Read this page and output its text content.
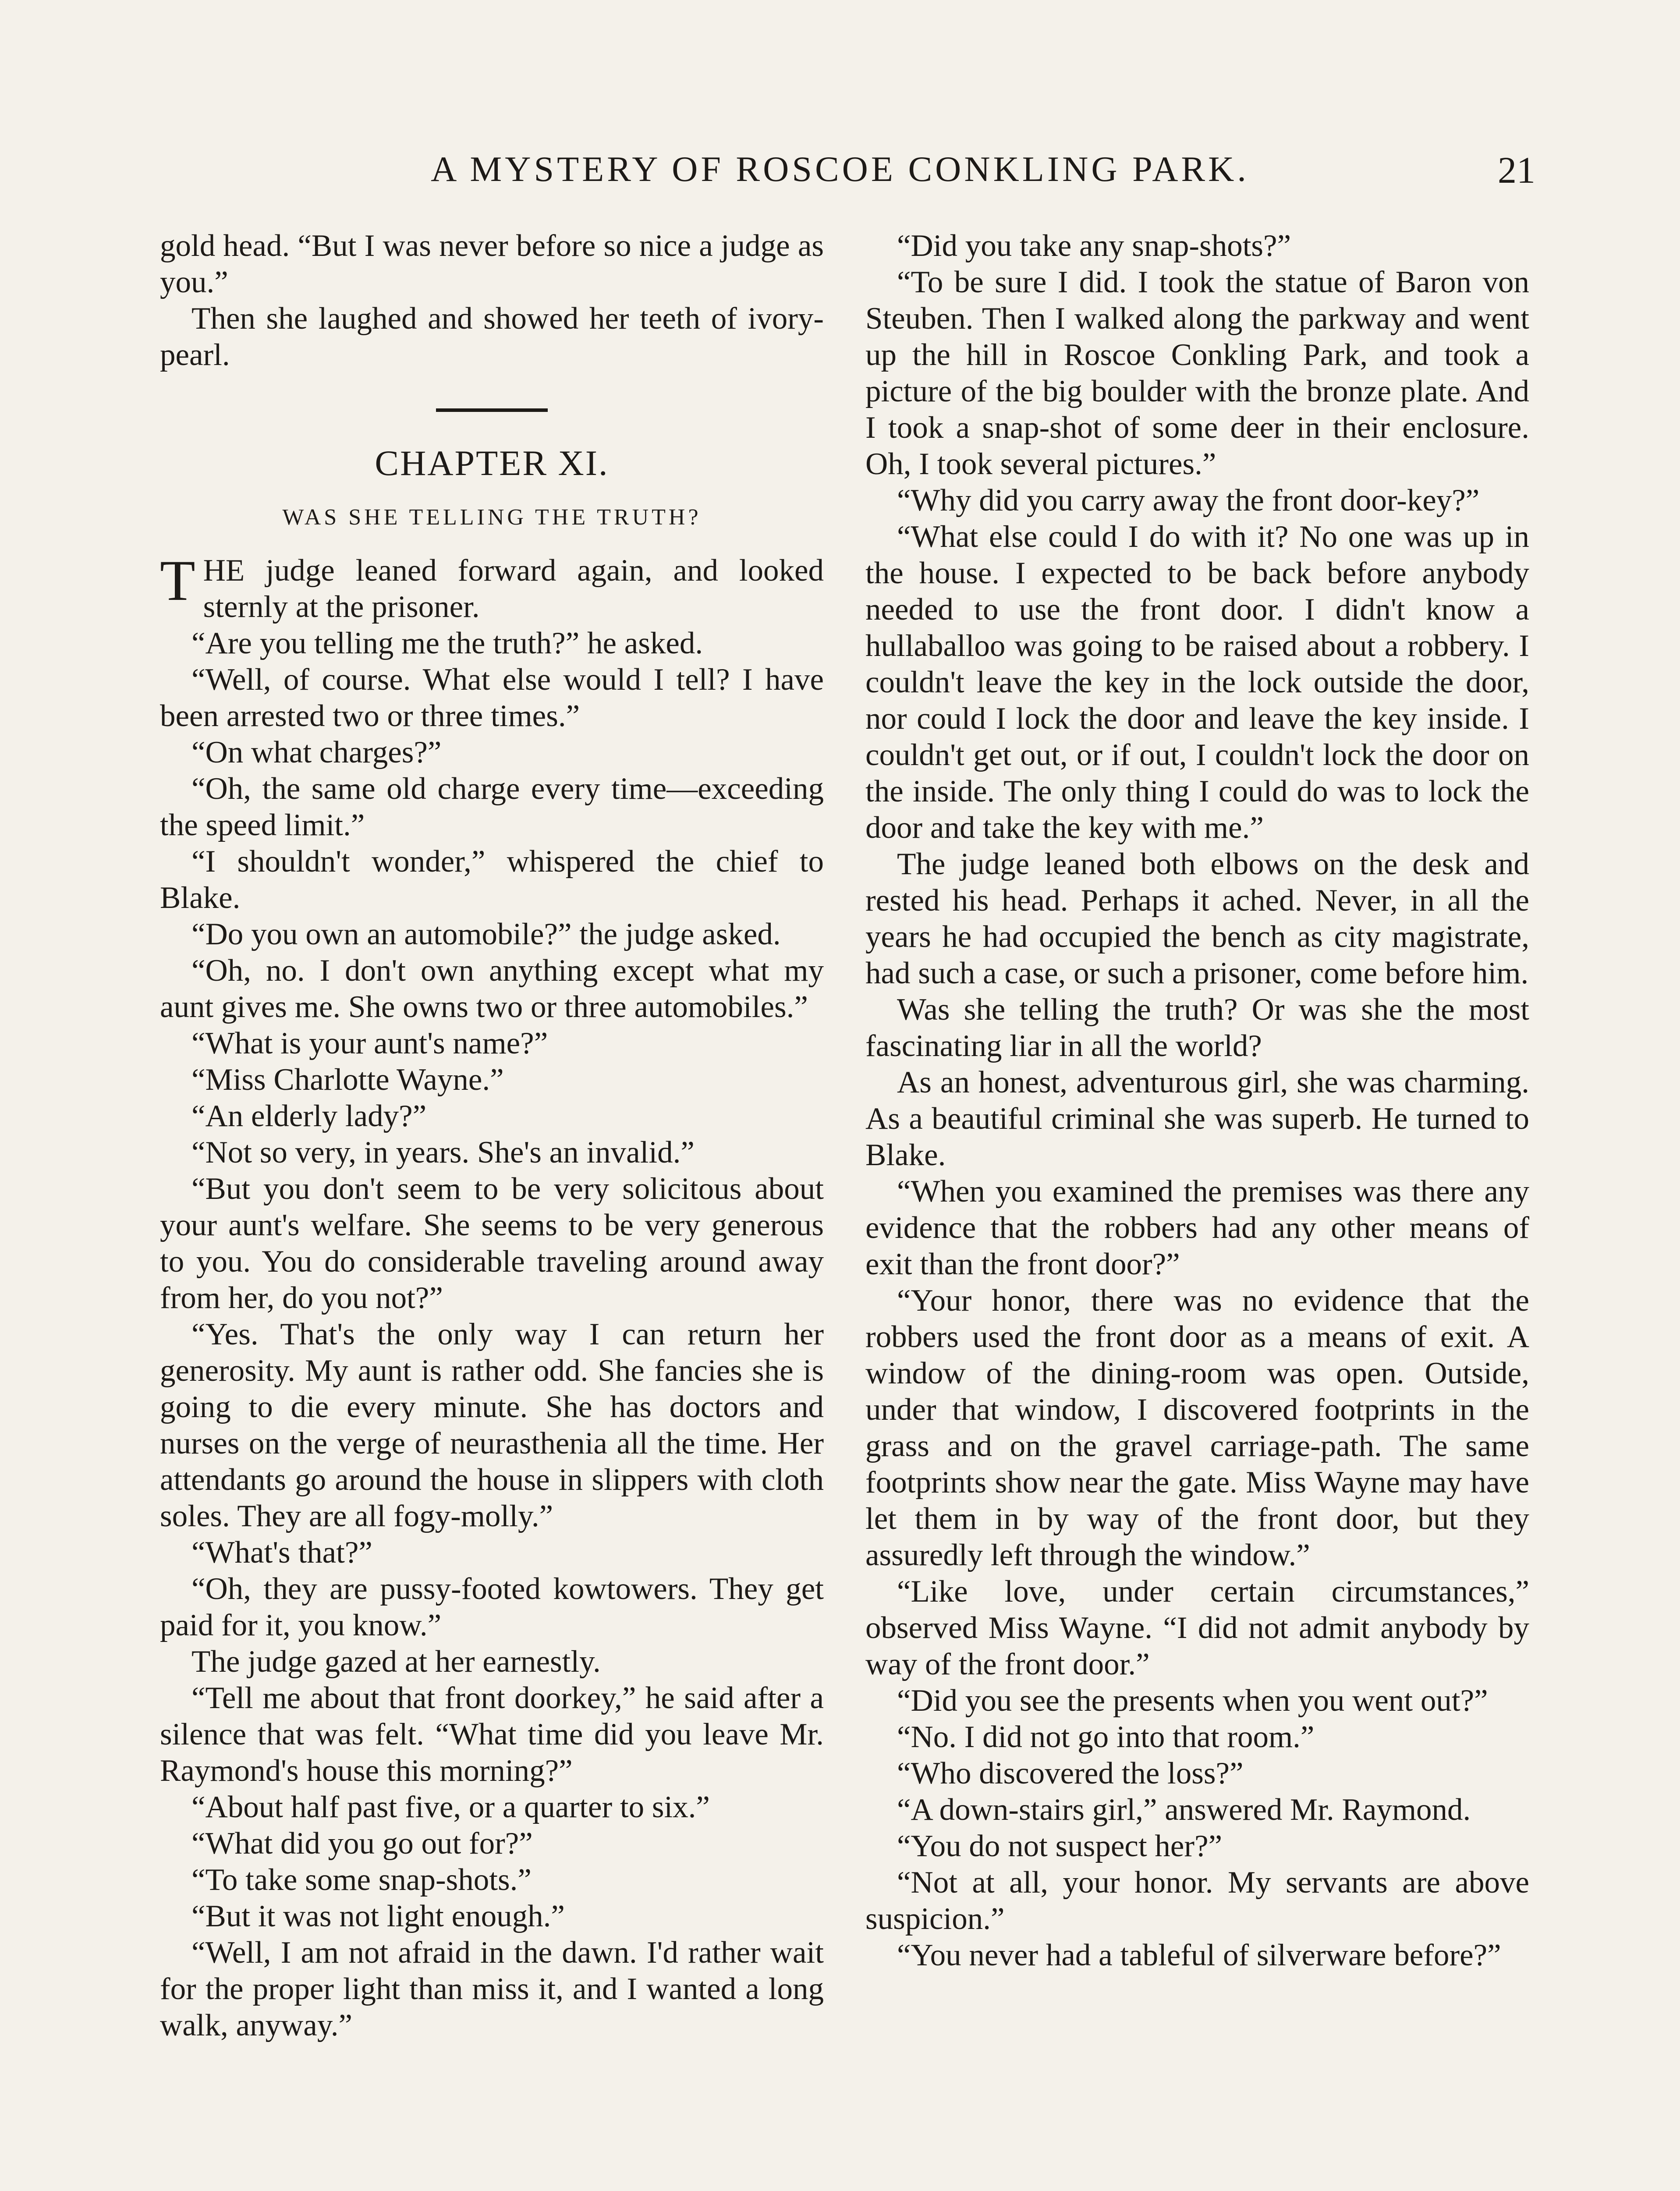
A MYSTERY OF ROSCOE CONKLING PARK.	21

gold head. “But I was never before so nice a judge as you.”

Then she laughed and showed her teeth of ivory-pearl.

CHAPTER XI.
WAS SHE TELLING THE TRUTH?

THE judge leaned forward again, and looked sternly at the prisoner.

“Are you telling me the truth?” he asked.

“Well, of course. What else would I tell? I have been arrested two or three times.”

“On what charges?”

“Oh, the same old charge every time—exceeding the speed limit.”

“I shouldn't wonder,” whispered the chief to Blake.

“Do you own an automobile?” the judge asked.

“Oh, no. I don't own anything except what my aunt gives me. She owns two or three automobiles.”

“What is your aunt's name?”

“Miss Charlotte Wayne.”

“An elderly lady?”

“Not so very, in years. She's an invalid.”

“But you don't seem to be very solicitous about your aunt's welfare. She seems to be very generous to you. You do considerable traveling around away from her, do you not?”

“Yes. That's the only way I can return her generosity. My aunt is rather odd. She fancies she is going to die every minute. She has doctors and nurses on the verge of neurasthenia all the time. Her attendants go around the house in slippers with cloth soles. They are all fogy-molly.”

“What's that?”

“Oh, they are pussy-footed kowtowers. They get paid for it, you know.”

The judge gazed at her earnestly.

“Tell me about that front doorkey,” he said after a silence that was felt. “What time did you leave Mr. Raymond's house this morning?”

“About half past five, or a quarter to six.”

“What did you go out for?”

“To take some snap-shots.”

“But it was not light enough.”

“Well, I am not afraid in the dawn. I'd rather wait for the proper light than miss it, and I wanted a long walk, anyway.”

“Did you take any snap-shots?”

“To be sure I did. I took the statue of Baron von Steuben. Then I walked along the parkway and went up the hill in Roscoe Conkling Park, and took a picture of the big boulder with the bronze plate. And I took a snap-shot of some deer in their enclosure. Oh, I took several pictures.”

“Why did you carry away the front door-key?”

“What else could I do with it? No one was up in the house. I expected to be back before anybody needed to use the front door. I didn't know a hullaballoo was going to be raised about a robbery. I couldn't leave the key in the lock outside the door, nor could I lock the door and leave the key inside. I couldn't get out, or if out, I couldn't lock the door on the inside. The only thing I could do was to lock the door and take the key with me.”

The judge leaned both elbows on the desk and rested his head. Perhaps it ached. Never, in all the years he had occupied the bench as city magistrate, had such a case, or such a prisoner, come before him.

Was she telling the truth? Or was she the most fascinating liar in all the world?

As an honest, adventurous girl, she was charming. As a beautiful criminal she was superb. He turned to Blake.

“When you examined the premises was there any evidence that the robbers had any other means of exit than the front door?”

“Your honor, there was no evidence that the robbers used the front door as a means of exit. A window of the dining-room was open. Outside, under that window, I discovered footprints in the grass and on the gravel carriage-path. The same footprints show near the gate. Miss Wayne may have let them in by way of the front door, but they assuredly left through the window.”

“Like love, under certain circumstances,” observed Miss Wayne. “I did not admit anybody by way of the front door.”

“Did you see the presents when you went out?”

“No. I did not go into that room.”

“Who discovered the loss?”

“A down-stairs girl,” answered Mr. Raymond.

“You do not suspect her?”

“Not at all, your honor. My servants are above suspicion.”

“You never had a tableful of silverware before?”
